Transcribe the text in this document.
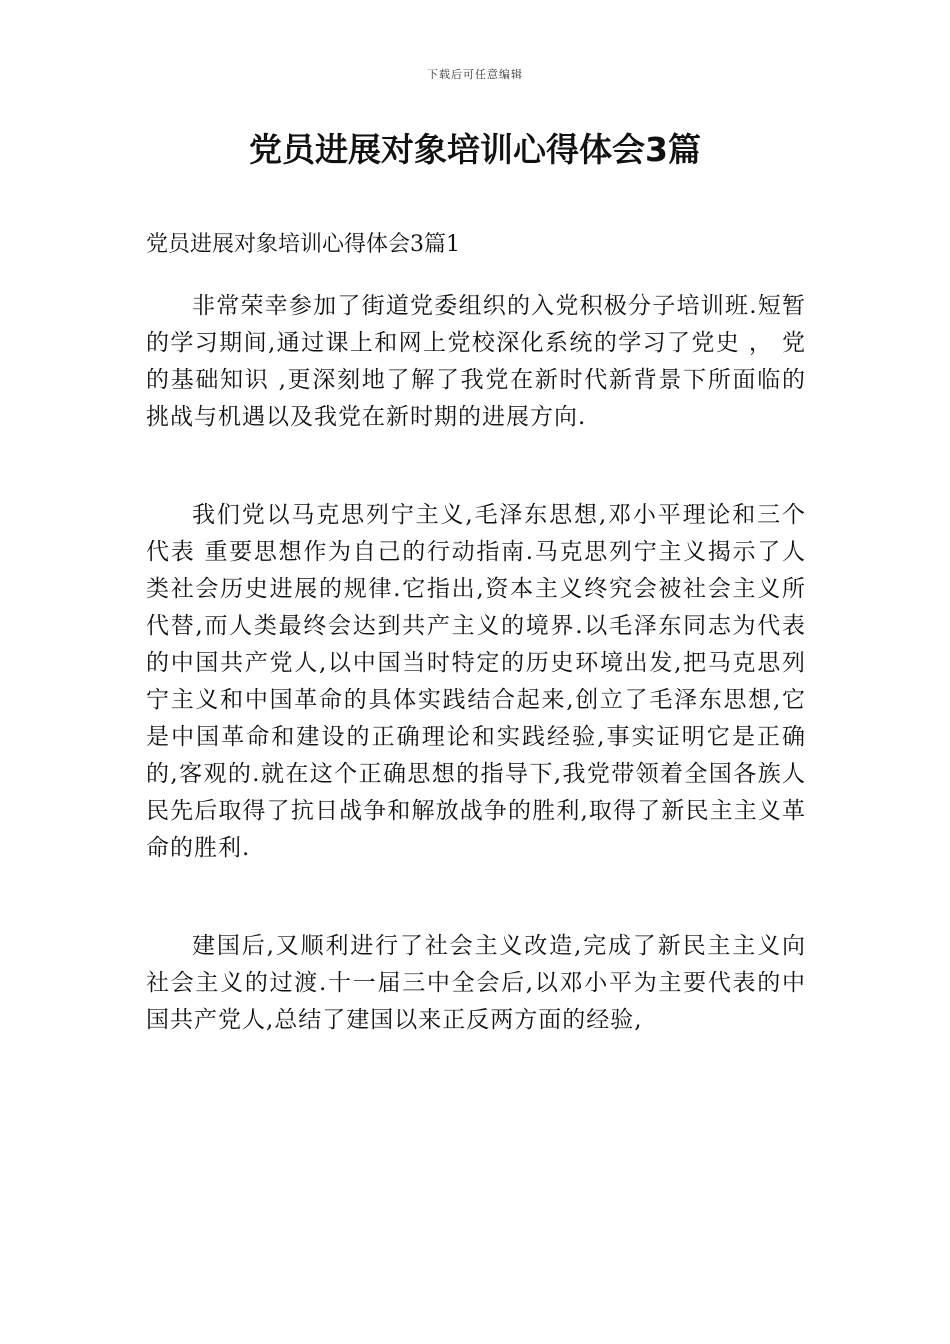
下载后可任意编辑
党员进展对象培训心得体会3篇

党员进展对象培训心得体会3篇1

非常荣幸参加了街道党委组织的入党积极分子培训班.短暂的学习期间,通过课上和网上党校深化系统的学习了党史 ， 党的基础知识 ,更深刻地了解了我党在新时代新背景下所面临的挑战与机遇以及我党在新时期的进展方向.

我们党以马克思列宁主义,毛泽东思想,邓小平理论和三个代表 重要思想作为自己的行动指南.马克思列宁主义揭示了人类社会历史进展的规律.它指出,资本主义终究会被社会主义所代替,而人类最终会达到共产主义的境界.以毛泽东同志为代表的中国共产党人,以中国当时特定的历史环境出发,把马克思列宁主义和中国革命的具体实践结合起来,创立了毛泽东思想,它是中国革命和建设的正确理论和实践经验,事实证明它是正确的,客观的.就在这个正确思想的指导下,我党带领着全国各族人民先后取得了抗日战争和解放战争的胜利,取得了新民主主义革命的胜利.

建国后,又顺利进行了社会主义改造,完成了新民主主义向社会主义的过渡.十一届三中全会后,以邓小平为主要代表的中国共产党人,总结了建国以来正反两方面的经验,
